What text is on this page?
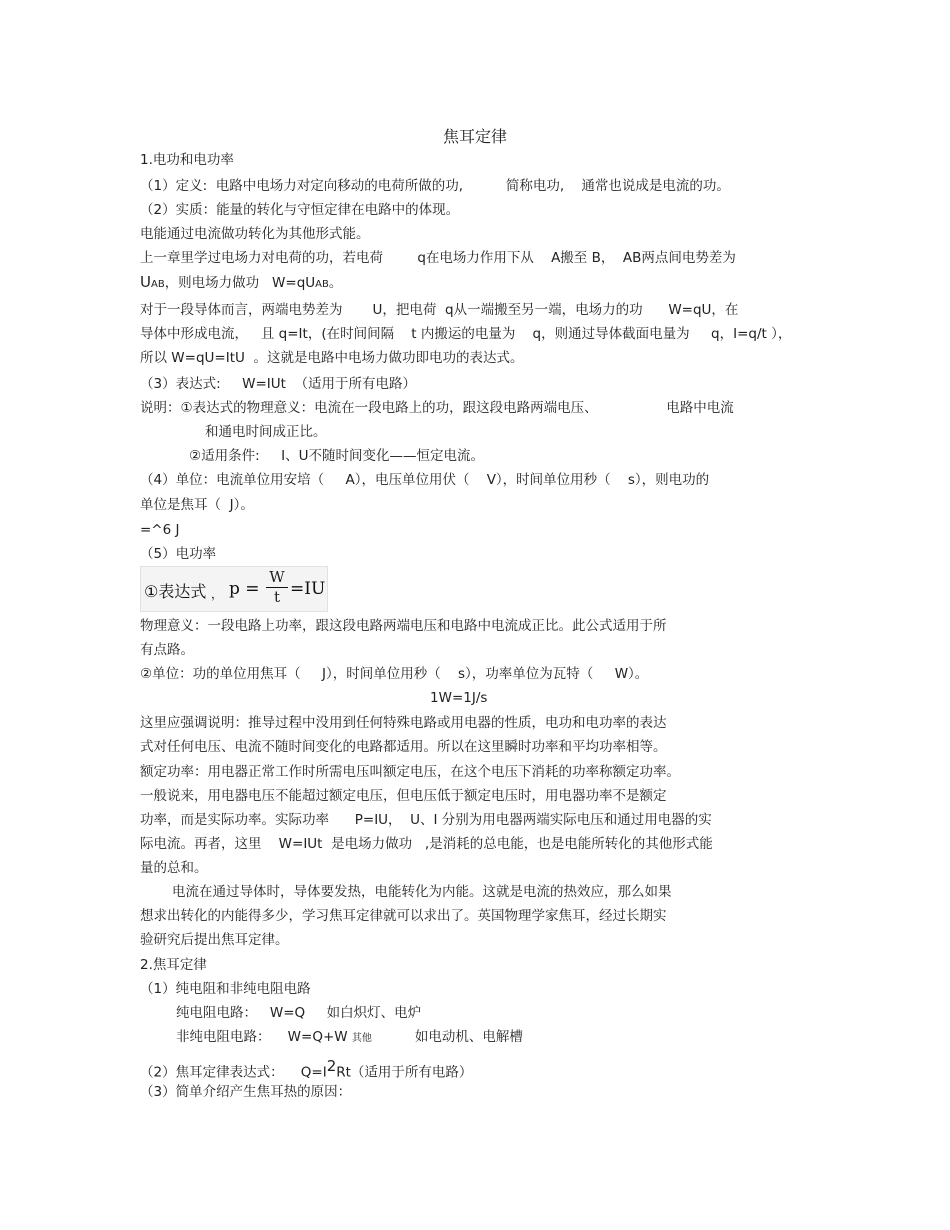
焦耳定律
1.电功和电功率
（1）定义:  电路中电场力对定向移动的电荷所做的功,          简称电功,    通常也说成是电流的功。
（2）实质：能量的转化与守恒定律在电路中的体现。
电能通过电流做功转化为其他形式能。
上一章里学过电场力对电荷的功，若电荷        q在电场力作用下从    A搬至 B，  AB两点间电势差为
UAB，则电场力做功   W=qUAB。
对于一段导体而言，两端电势差为       U，把电荷  q从一端搬至另一端，电场力的功      W=qU，在
导体中形成电流，   且 q=It，(在时间间隔    t 内搬运的电量为    q，则通过导体截面电量为     q，I=q/t ），
所以 W=qU=ItU  。这就是电路中电场力做功即电功的表达式。
（3）表达式:     W=IUt  （适用于所有电路）
说明：①表达式的物理意义：电流在一段电路上的功，跟这段电路两端电压、                电路中电流
和通电时间成正比。
②适用条件:     I、U不随时间变化——恒定电流。
（4）单位：电流单位用安培（     A），电压单位用伏（    V），时间单位用秒（    s），则电功的
单位是焦耳（  J）。
=^6 J
（5）电功率
①表达式 ， p =
W
t =IU
物理意义：一段电路上功率，跟这段电路两端电压和电路中电流成正比。此公式适用于所
有点路。
②单位：功的单位用焦耳（     J），时间单位用秒（    s），功率单位为瓦特（     W）。
1W=1J/s
这里应强调说明：推导过程中没用到任何特殊电路或用电器的性质，电功和电功率的表达
式对任何电压、电流不随时间变化的电路都适用。所以在这里瞬时功率和平均功率相等。
额定功率：用电器正常工作时所需电压叫额定电压，在这个电压下消耗的功率称额定功率。
一般说来，用电器电压不能超过额定电压，但电压低于额定电压时，用电器功率不是额定
功率，而是实际功率。实际功率      P=IU，  U、I 分别为用电器两端实际电压和通过用电器的实
际电流。再者，这里    W=IUt  是电场力做功   ,是消耗的总电能，也是电能所转化的其他形式能
量的总和。
电流在通过导体时，导体要发热，电能转化为内能。这就是电流的热效应，那么如果
想求出转化的内能得多少，学习焦耳定律就可以求出了。英国物理学家焦耳，经过长期实
验研究后提出焦耳定律。
2.焦耳定律
（1）纯电阻和非纯电阻电路
纯电阻电路：   W=Q     如白炽灯、电炉
非纯电阻电路：    W=Q+W 其他	如电动机、电解槽
（2）焦耳定律表达式：    Q=I2Rt（适用于所有电路）
（3）简单介绍产生焦耳热的原因：
